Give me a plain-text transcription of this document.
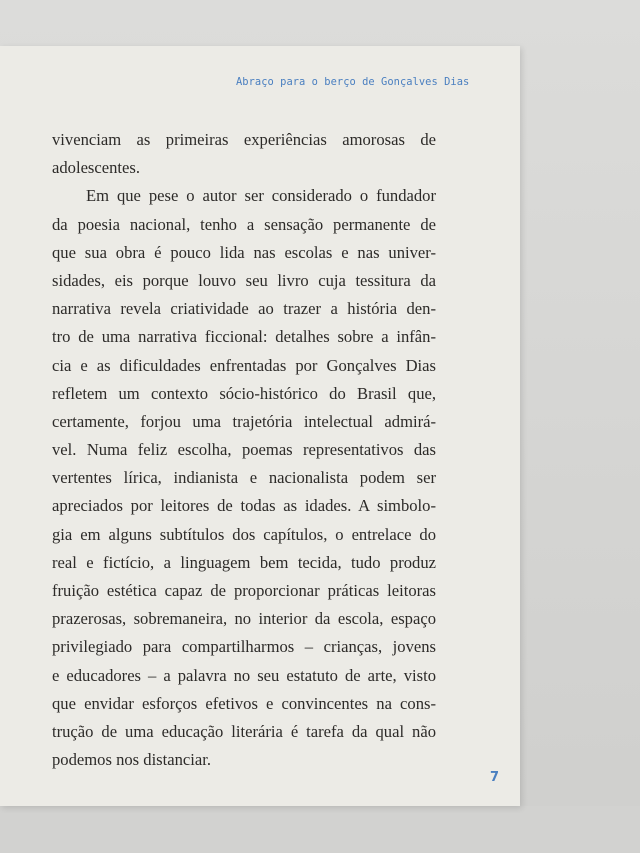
Abraço para o berço de Gonçalves Dias
vivenciam as primeiras experiências amorosas de
adolescentes.
Em que pese o autor ser considerado o fundador
da poesia nacional, tenho a sensação permanente de
que sua obra é pouco lida nas escolas e nas univer-
sidades, eis porque louvo seu livro cuja tessitura da
narrativa revela criatividade ao trazer a história den-
tro de uma narrativa ficcional: detalhes sobre a infân-
cia e as dificuldades enfrentadas por Gonçalves Dias
refletem um contexto sócio-histórico do Brasil que,
certamente, forjou uma trajetória intelectual admirá-
vel. Numa feliz escolha, poemas representativos das
vertentes lírica, indianista e nacionalista podem ser
apreciados por leitores de todas as idades. A simbolo-
gia em alguns subtítulos dos capítulos, o entrelace do
real e fictício, a linguagem bem tecida, tudo produz
fruição estética capaz de proporcionar práticas leitoras
prazerosas, sobremaneira, no interior da escola, espaço
privilegiado para compartilharmos – crianças, jovens
e educadores – a palavra no seu estatuto de arte, visto
que envidar esforços efetivos e convincentes na cons-
trução de uma educação literária é tarefa da qual não
podemos nos distanciar.
7
